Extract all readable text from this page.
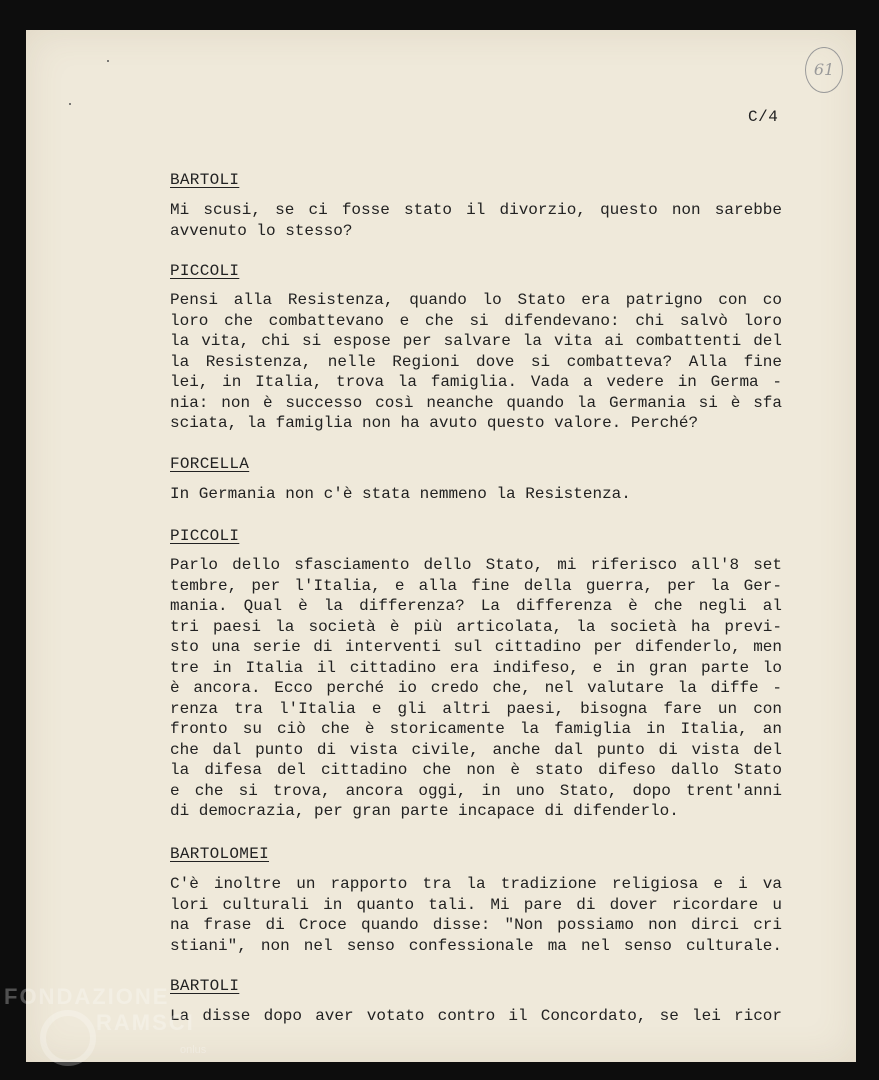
61
C/4
BARTOLI
Mi scusi, se ci fosse stato il divorzio, questo non sarebbe
avvenuto lo stesso?
PICCOLI
Pensi alla Resistenza, quando lo Stato era patrigno con co
loro che combattevano e che si difendevano: chi salvò loro
la vita, chi si espose per salvare la vita ai combattenti del
la Resistenza, nelle Regioni dove si combatteva? Alla fine
lei, in Italia, trova la famiglia. Vada a vedere in Germa -
nia: non è successo così neanche quando la Germania si è sfa
sciata, la famiglia non ha avuto questo valore. Perché?
FORCELLA
In Germania non c'è stata nemmeno la Resistenza.
PICCOLI
Parlo dello sfasciamento dello Stato, mi riferisco all'8 set
tembre, per l'Italia, e alla fine della guerra, per la Ger-
mania. Qual è la differenza? La differenza è che negli al
tri paesi la società è più articolata, la società ha previ-
sto una serie di interventi sul cittadino per difenderlo, men
tre in Italia il cittadino era indifeso, e in gran parte lo
è ancora. Ecco perché io credo che, nel valutare la diffe -
renza tra l'Italia e gli altri paesi, bisogna fare un con
fronto su ciò che è storicamente la famiglia in Italia, an
che dal punto di vista civile, anche dal punto di vista del
la difesa del cittadino che non è stato difeso dallo Stato
e che si trova, ancora oggi, in uno Stato, dopo trent'anni
di democrazia, per gran parte incapace di difenderlo.
BARTOLOMEI
C'è inoltre un rapporto tra la tradizione religiosa e i va
lori culturali in quanto tali. Mi pare di dover ricordare u
na frase di Croce quando disse: "Non possiamo non dirci cri
stiani", non nel senso confessionale ma nel senso culturale.
BARTOLI
La disse dopo aver votato contro il Concordato, se lei ricor
FONDAZIONE
RAMSCI
onlus
